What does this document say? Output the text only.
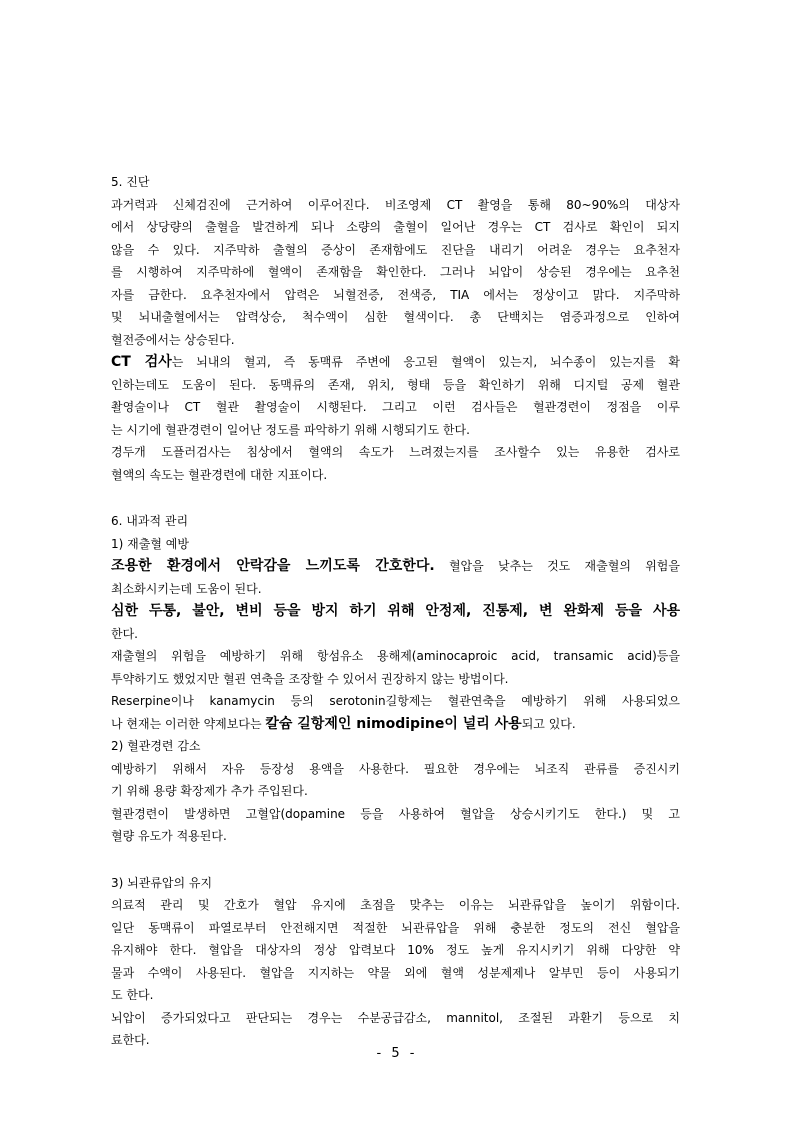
5. 진단
과거력과 신체검진에 근거하여 이루어진다. 비조영제 CT 촬영을 통해 80~90%의 대상자
에서 상당량의 출혈을 발견하게 되나 소량의 출혈이 일어난 경우는 CT 검사로 확인이 되지
않을 수 있다. 지주막하 출혈의 증상이 존재함에도 진단을 내리기 어려운 경우는 요추천자
를 시행하여 지주막하에 혈액이 존재함을 확인한다. 그러나 뇌압이 상승된 경우에는 요추천
자를 금한다. 요추천자에서 압력은 뇌혈전증, 전색증, TIA 에서는 정상이고 맑다. 지주막하
및 뇌내출혈에서는 압력상승, 척수액이 심한 혈색이다. 총 단백치는 염증과정으로 인하여
혈전증에서는 상승된다.
CT 검사는 뇌내의 혈괴, 즉 동맥류 주변에 응고된 혈액이 있는지, 뇌수종이 있는지를 확
인하는데도 도움이 된다. 동맥류의 존재, 위치, 형태 등을 확인하기 위해 디지털 공제 혈관
촬영술이나 CT 혈관 촬영술이 시행된다. 그리고 이런 검사들은 혈관경련이 정점을 이루
는 시기에 혈관경련이 일어난 정도를 파악하기 위해 시행되기도 한다.
경두개 도플러검사는 침상에서 혈액의 속도가 느려졌는지를 조사할수 있는 유용한 검사로
혈액의 속도는 혈관경련에 대한 지표이다.
6. 내과적 관리
1) 재출혈 예방
조용한 환경에서 안락감을 느끼도록 간호한다. 혈압을 낮추는 것도 재출혈의 위험을
최소화시키는데 도움이 된다.
심한 두통, 불안, 변비 등을 방지 하기 위해 안정제, 진통제, 변 완화제 등을 사용
한다.
재출혈의 위험을 예방하기 위해 항섬유소 용해제(aminocaproic acid, transamic acid)등을
투약하기도 했었지만 혈괸 연축을 조장할 수 있어서 권장하지 않는 방법이다.
Reserpine이나 kanamycin 등의 serotonin길항제는 혈관연축을 예방하기 위해 사용되었으
나 현재는 이러한 약제보다는 칼슘 길항제인 nimodipine이 널리 사용되고 있다.
2) 혈관경련 감소
예방하기 위해서 자유 등장성 용액을 사용한다. 필요한 경우에는 뇌조직 관류를 증진시키
기 위해 용량 확장제가 추가 주입된다.
혈관경련이 발생하면 고혈압(dopamine 등을 사용하여 혈압을 상승시키기도 한다.) 및 고
혈량 유도가 적용된다.
3) 뇌관류압의 유지
의료적 관리 및 간호가 혈압 유지에 초점을 맞추는 이유는 뇌관류압을 높이기 위함이다.
일단 동맥류이 파열로부터 안전해지면 적절한 뇌관류압을 위해 충분한 정도의 전신 혈압을
유지해야 한다. 혈압을 대상자의 정상 압력보다 10% 정도 높게 유지시키기 위해 다양한 약
물과 수액이 사용된다. 혈압을 지지하는 약물 외에 혈액 성분제제나 알부민 등이 사용되기
도 한다.
뇌압이 증가되었다고 판단되는 경우는 수분공급감소, mannitol, 조절된 과환기 등으로 치
료한다.
- 5 -
